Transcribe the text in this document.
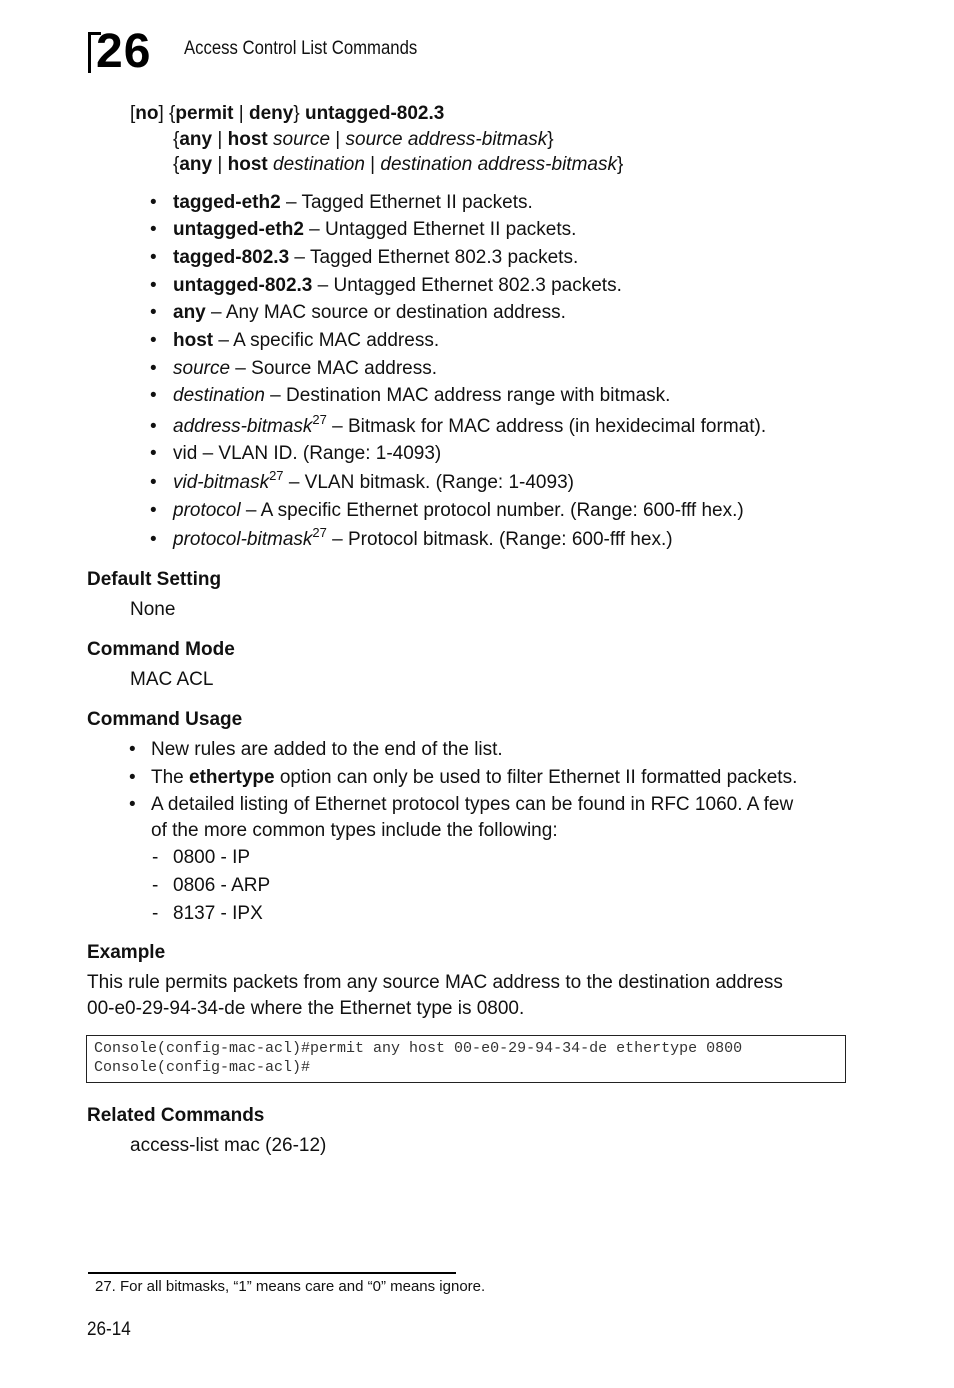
26 Access Control List Commands
[no] {permit | deny} untagged-802.3
{any | host source | source address-bitmask}
{any | host destination | destination address-bitmask}
• tagged-eth2 – Tagged Ethernet II packets.
• untagged-eth2 – Untagged Ethernet II packets.
• tagged-802.3 – Tagged Ethernet 802.3 packets.
• untagged-802.3 – Untagged Ethernet 802.3 packets.
• any – Any MAC source or destination address.
• host – A specific MAC address.
• source – Source MAC address.
• destination – Destination MAC address range with bitmask.
• address-bitmask$^{27}$ – Bitmask for MAC address (in hexidecimal format).
• vid – VLAN ID. (Range: 1-4093)
• vid-bitmask$^{27}$ – VLAN bitmask. (Range: 1-4093)
• protocol – A specific Ethernet protocol number. (Range: 600-fff hex.)
• protocol-bitmask$^{27}$ – Protocol bitmask. (Range: 600-fff hex.)
Default Setting
None
Command Mode
MAC ACL
Command Usage
• New rules are added to the end of the list.
• The ethertype option can only be used to filter Ethernet II formatted packets.
• A detailed listing of Ethernet protocol types can be found in RFC 1060. A few
of the more common types include the following:
- 0800 - IP
- 0806 - ARP
- 8137 - IPX
Example
This rule permits packets from any source MAC address to the destination address
00-e0-29-94-34-de where the Ethernet type is 0800.
Console(config-mac-acl)#permit any host 00-e0-29-94-34-de ethertype 0800
Console(config-mac-acl)#
Related Commands
access-list mac (26-12)
27. For all bitmasks, “1” means care and “0” means ignore.
26-14
